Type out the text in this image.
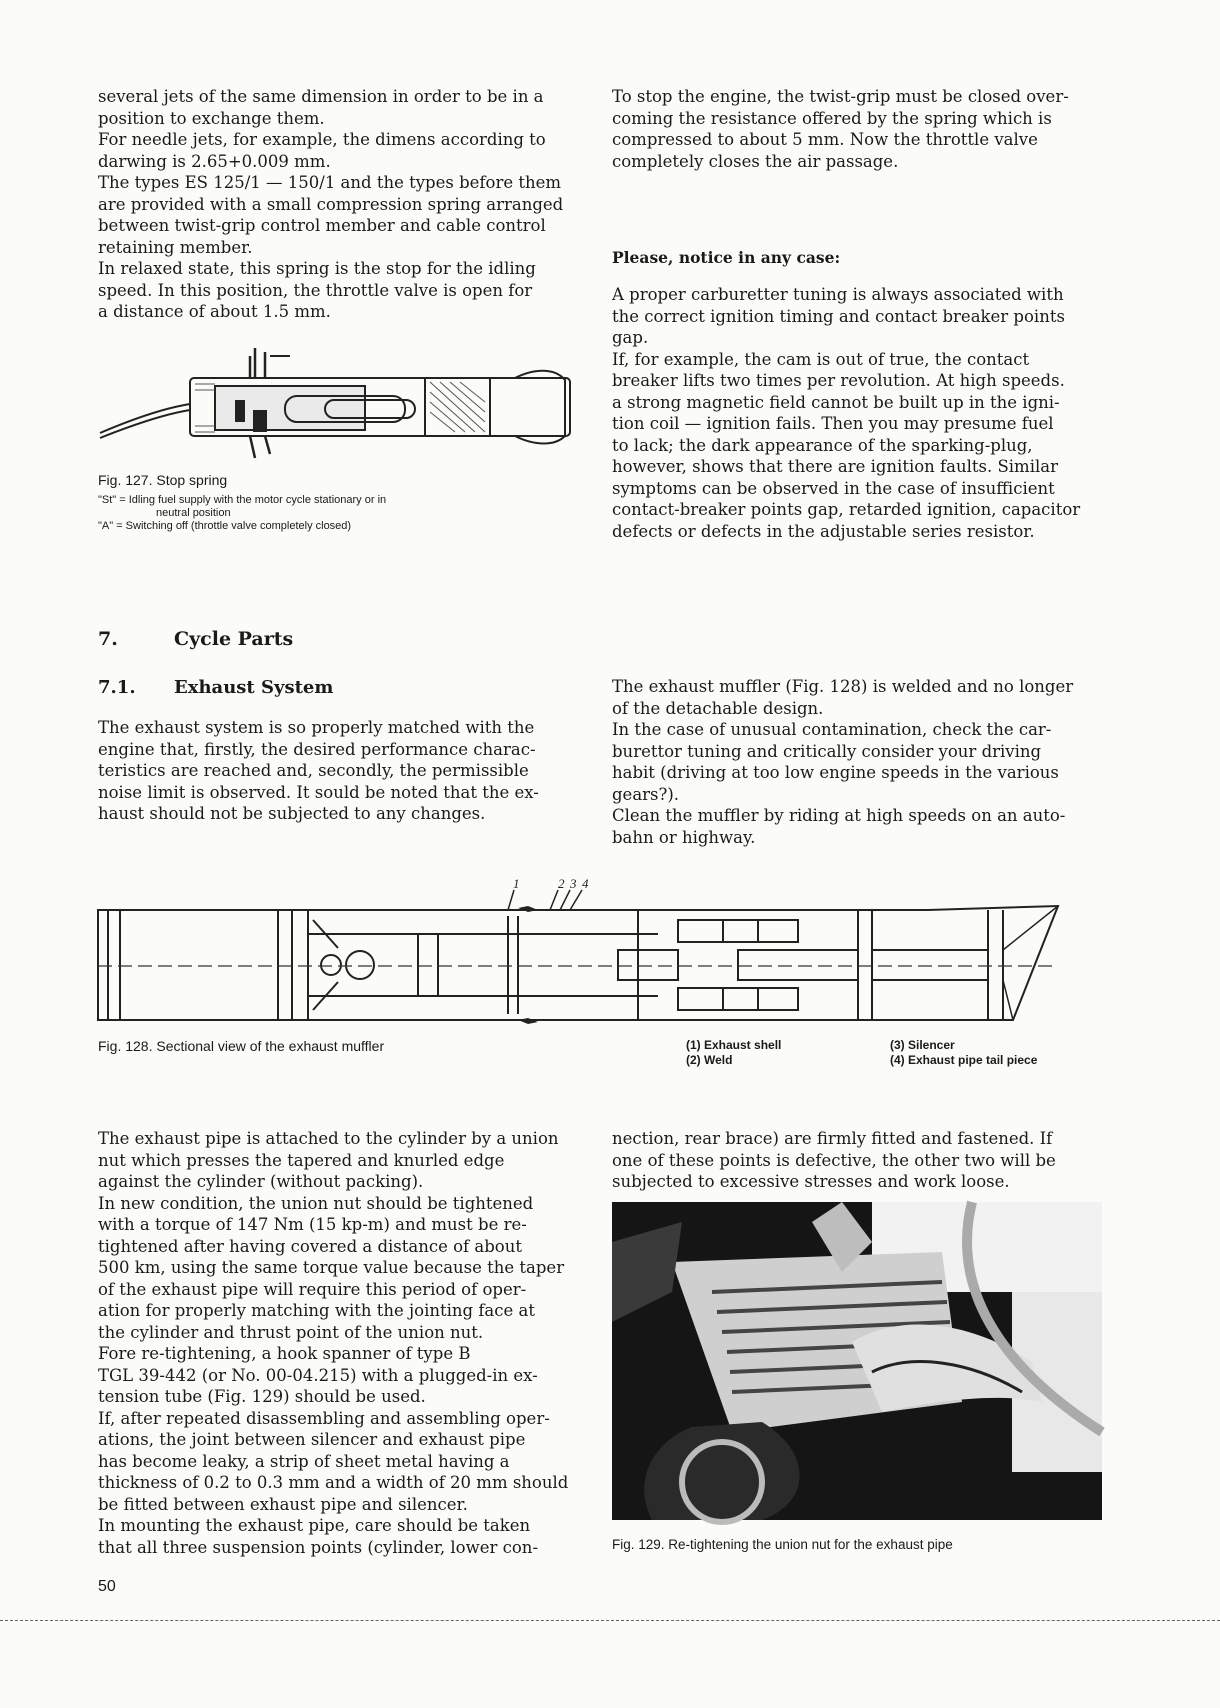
several jets of the same dimension in order to be in a
position to exchange them.
For needle jets, for example, the dimens according to
darwing is 2.65+0.009 mm.
The types ES 125/1 — 150/1 and the types before them
are provided with a small compression spring arranged
between twist-grip control member and cable control
retaining member.
In relaxed state, this spring is the stop for the idling
speed. In this position, the throttle valve is open for
a distance of about 1.5 mm.

To stop the engine, the twist-grip must be closed over-
coming the resistance offered by the spring which is
compressed to about 5 mm. Now the throttle valve
completely closes the air passage.

Please, notice in any case:

A proper carburetter tuning is always associated with
the correct ignition timing and contact breaker points
gap.
If, for example, the cam is out of true, the contact
breaker lifts two times per revolution. At high speeds.
a strong magnetic field cannot be built up in the igni-
tion coil — ignition fails. Then you may presume fuel
to lack; the dark appearance of the sparking-plug,
however, shows that there are ignition faults. Similar
symptoms can be observed in the case of insufficient
contact-breaker points gap, retarded ignition, capacitor
defects or defects in the adjustable series resistor.

Fig. 127. Stop spring
"St" = Idling fuel supply with the motor cycle stationary or in
neutral position
"A" = Switching off (throttle valve completely closed)
7.	Cycle Parts
7.1. Exhaust System

The exhaust system is so properly matched with the
engine that, firstly, the desired performance charac-
teristics are reached and, secondly, the permissible
noise limit is observed. It sould be noted that the ex-
haust should not be subjected to any changes.

The exhaust muffler (Fig. 128) is welded and no longer
of the detachable design.
In the case of unusual contamination, check the car-
burettor tuning and critically consider your driving
habit (driving at too low engine speeds in the various
gears?).
Clean the muffler by riding at high speeds on an auto-
bahn or highway.

1	2 3 4
Fig. 128. Sectional view of the exhaust muffler	(1) Exhaust shell
(2) Weld
(3) Silencer
(4) Exhaust pipe tail piece

The exhaust pipe is attached to the cylinder by a union
nut which presses the tapered and knurled edge
against the cylinder (without packing).
In new condition, the union nut should be tightened
with a torque of 147 Nm (15 kp-m) and must be re-
tightened after having covered a distance of about
500 km, using the same torque value because the taper
of the exhaust pipe will require this period of oper-
ation for properly matching with the jointing face at
the cylinder and thrust point of the union nut.
Fore re-tightening, a hook spanner of type B
TGL 39-442 (or No. 00-04.215) with a plugged-in ex-
tension tube (Fig. 129) should be used.
If, after repeated disassembling and assembling oper-
ations, the joint between silencer and exhaust pipe
has become leaky, a strip of sheet metal having a
thickness of 0.2 to 0.3 mm and a width of 20 mm should
be fitted between exhaust pipe and silencer.
In mounting the exhaust pipe, care should be taken
that all three suspension points (cylinder, lower con-

nection, rear brace) are firmly fitted and fastened. If
one of these points is defective, the other two will be
subjected to excessive stresses and work loose.

Fig. 129. Re-tightening the union nut for the exhaust pipe
50
